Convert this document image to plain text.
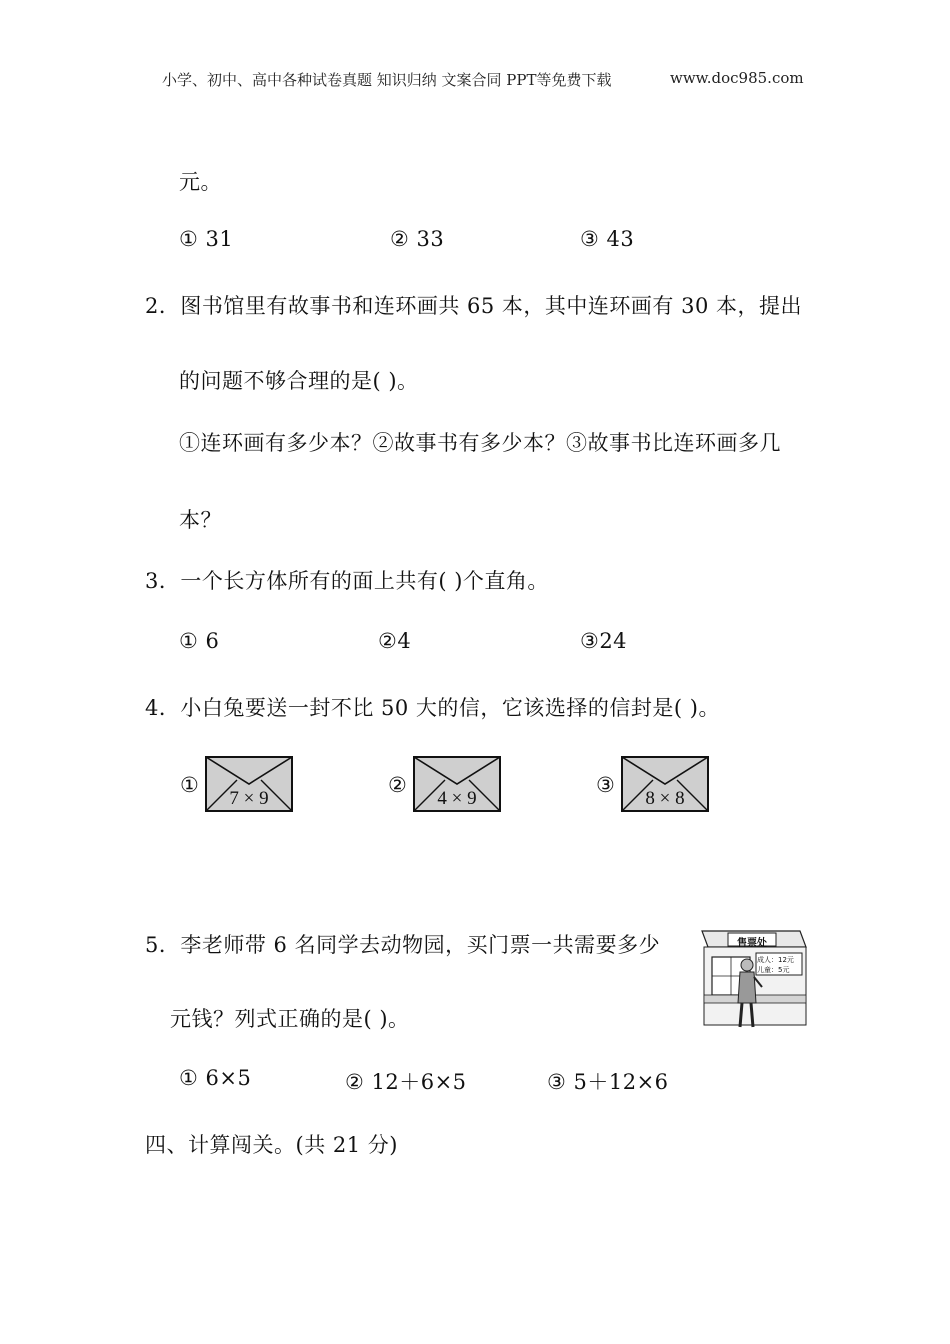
小学、初中、高中各种试卷真题 知识归纳 文案合同 PPT等免费下载	www.doc985.com
元。
① 31	② 33	③ 43
2．图书馆里有故事书和连环画共 65 本，其中连环画有 30 本，提出
的问题不够合理的是( )。
①连环画有多少本？②故事书有多少本？③故事书比连环画多几
本？
3．一个长方体所有的面上共有( )个直角。
① 6	②4	③24
4．小白兔要送一封不比 50 大的信，它该选择的信封是( )。
①
7 × 9
②
4 × 9
③
8 × 8
5．李老师带 6 名同学去动物园，买门票一共需要多少
元钱？列式正确的是( )。
售票处
成人：12元
儿童：5元
① 6×5	② 12＋6×5	③ 5＋12×6
四、计算闯关。(共 21 分)
